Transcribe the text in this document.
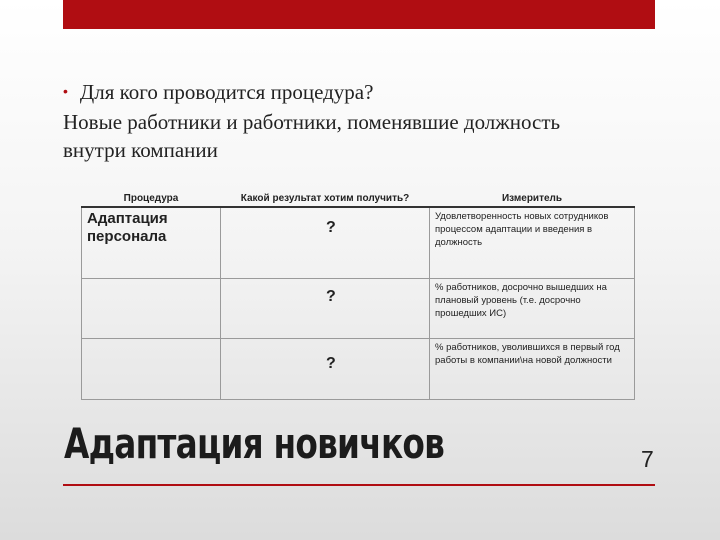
• Для кого проводится процедура?
Новые работники и работники, поменявшие должность
внутри компании
Процедура	Какой результат хотим получить?	Измеритель

Адаптация
персонала	?	Удовлетворенность новых сотрудников процессом адаптации и введения в должность

	?	% работников, досрочно вышедших на плановый уровень (т.е. досрочно прошедших ИС)

	?	% работников, уволившихся в первый год работы в компании\на новой должности
Адаптация новичков	7
